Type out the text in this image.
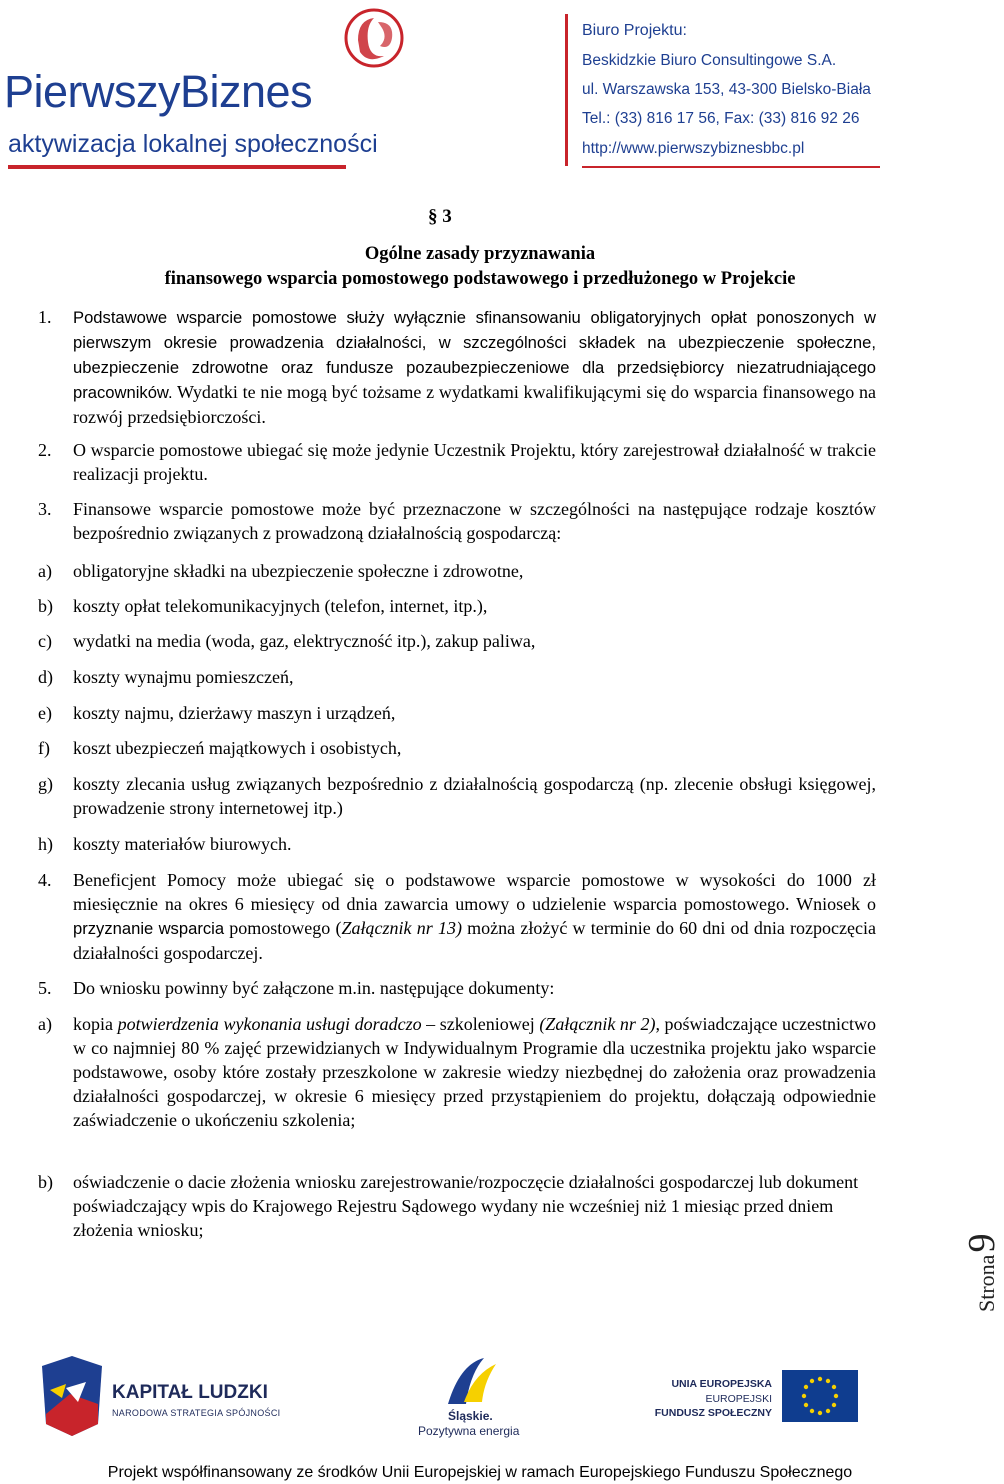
PierwszyBiznes
aktywizacja lokalnej społeczności
Biuro Projektu:
Beskidzkie Biuro Consultingowe S.A.
ul. Warszawska 153, 43-300 Bielsko-Biała
Tel.: (33) 816 17 56, Fax: (33) 816 92 26
http://www.pierwszybiznesbbc.pl
§ 3
Ogólne zasady przyznawania
finansowego wsparcia pomostowego podstawowego i przedłużonego w Projekcie
1. Podstawowe wsparcie pomostowe służy wyłącznie sfinansowaniu obligatoryjnych opłat ponoszonych w pierwszym okresie prowadzenia działalności, w szczególności składek na ubezpieczenie społeczne, ubezpieczenie zdrowotne oraz fundusze pozaubezpieczeniowe dla przedsiębiorcy niezatrudniającego pracowników. Wydatki te nie mogą być tożsame z wydatkami kwalifikującymi się do wsparcia finansowego na rozwój przedsiębiorczości.
2. O wsparcie pomostowe ubiegać się może jedynie Uczestnik Projektu, który zarejestrował działalność w trakcie realizacji projektu.
3. Finansowe wsparcie pomostowe może być przeznaczone w szczególności na następujące rodzaje kosztów bezpośrednio związanych z prowadzoną działalnością gospodarczą:
a) obligatoryjne składki na ubezpieczenie społeczne i zdrowotne,
b) koszty opłat telekomunikacyjnych (telefon, internet, itp.),
c) wydatki na media (woda, gaz, elektryczność itp.), zakup paliwa,
d) koszty wynajmu pomieszczeń,
e) koszty najmu, dzierżawy maszyn i urządzeń,
f) koszt ubezpieczeń majątkowych i osobistych,
g) koszty zlecania usług związanych bezpośrednio z działalnością gospodarczą (np. zlecenie obsługi księgowej, prowadzenie strony internetowej itp.)
h) koszty materiałów biurowych.
4. Beneficjent Pomocy może ubiegać się o podstawowe wsparcie pomostowe w wysokości do 1000 zł miesięcznie na okres 6 miesięcy od dnia zawarcia umowy o udzielenie wsparcia pomostowego. Wniosek o przyznanie wsparcia pomostowego (Załącznik nr 13) można złożyć w terminie do 60 dni od dnia rozpoczęcia działalności gospodarczej.
5. Do wniosku powinny być załączone m.in. następujące dokumenty:
a) kopia potwierdzenia wykonania usługi doradczo – szkoleniowej (Załącznik nr 2), poświadczające uczestnictwo w co najmniej 80 % zajęć przewidzianych w Indywidualnym Programie dla uczestnika projektu jako wsparcie podstawowe, osoby które zostały przeszkolone w zakresie wiedzy niezbędnej do założenia oraz prowadzenia działalności gospodarczej, w okresie 6 miesięcy przed przystąpieniem do projektu, dołączają odpowiednie zaświadczenie o ukończeniu szkolenia;
b) oświadczenie o dacie złożenia wniosku zarejestrowanie/rozpoczęcie działalności gospodarczej lub dokument poświadczający wpis do Krajowego Rejestru Sądowego wydany nie wcześniej niż 1 miesiąc przed dniem złożenia wniosku;
Strona9
KAPITAŁ LUDZKI
NARODOWA STRATEGIA SPÓJNOŚCI	Śląskie.
Pozytywna energia
UNIA EUROPEJSKA
EUROPEJSKI
FUNDUSZ SPOŁECZNY
Projekt współfinansowany ze środków Unii Europejskiej w ramach Europejskiego Funduszu Społecznego
